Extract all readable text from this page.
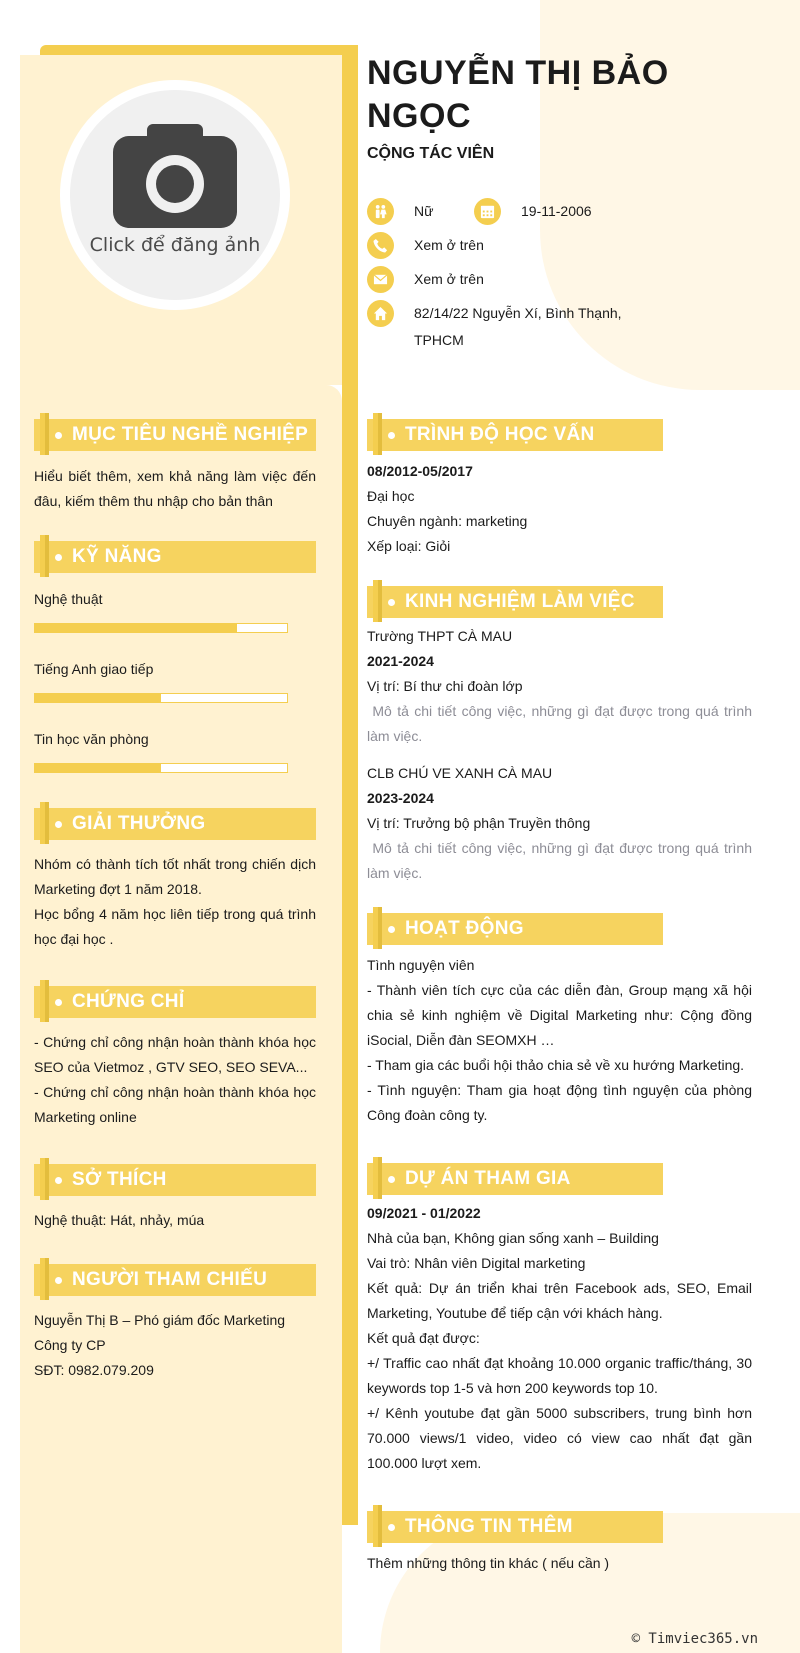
Click để đăng ảnh
NGUYỄN THỊ BẢO NGỌC

CỘNG TÁC VIÊN

Nữ	19-11-2006
Xem ở trên
Xem ở trên
82/14/22 Nguyễn Xí, Bình Thạnh, TPHCM
MỤC TIÊU NGHỀ NGHIỆP

Hiểu biết thêm, xem khả năng làm việc đến đâu, kiếm thêm thu nhập cho bản thân

KỸ NĂNG

Nghệ thuật

Tiếng Anh giao tiếp

Tin học văn phòng

GIẢI THƯỞNG

Nhóm có thành tích tốt nhất trong chiến dịch Marketing đợt 1 năm 2018.

Học bổng 4 năm học liên tiếp trong quá trình học đại học .

CHỨNG CHỈ

- Chứng chỉ công nhận hoàn thành khóa học SEO của Vietmoz , GTV SEO, SEO SEVA...

- Chứng chỉ công nhận hoàn thành khóa học Marketing online

SỞ THÍCH

Nghệ thuật: Hát, nhảy, múa

NGƯỜI THAM CHIẾU

Nguyễn Thị B – Phó giám đốc Marketing

Công ty CP

SĐT: 0982.079.209

TRÌNH ĐỘ HỌC VẤN

08/2012-05/2017

Đại học

Chuyên ngành: marketing

Xếp loại: Giỏi

KINH NGHIỆM LÀM VIỆC

Trường THPT CÀ MAU

2021-2024

Vị trí: Bí thư chi đoàn lớp

Mô tả chi tiết công việc, những gì đạt được trong quá trình làm việc.

CLB CHÚ VE XANH CÀ MAU

2023-2024

Vị trí: Trưởng bộ phận Truyền thông

Mô tả chi tiết công việc, những gì đạt được trong quá trình làm việc.

HOẠT ĐỘNG

Tình nguyện viên

- Thành viên tích cực của các diễn đàn, Group mạng xã hội chia sẻ kinh nghiệm về Digital Marketing như: Cộng đồng iSocial, Diễn đàn SEOMXH …

- Tham gia các buổi hội thảo chia sẻ về xu hướng Marketing.

- Tình nguyện: Tham gia hoạt động tình nguyện của phòng Công đoàn công ty.

DỰ ÁN THAM GIA

09/2021 - 01/2022

Nhà của bạn, Không gian sống xanh – Building

Vai trò: Nhân viên Digital marketing

Kết quả: Dự án triển khai trên Facebook ads, SEO, Email Marketing, Youtube để tiếp cận với khách hàng.

Kết quả đạt được:

+/ Traffic cao nhất đạt khoảng 10.000 organic traffic/tháng, 30 keywords top 1-5 và hơn 200 keywords top 10.

+/ Kênh youtube đạt gần 5000 subscribers, trung bình hơn 70.000 views/1 video, video có view cao nhất đạt gần 100.000 lượt xem.

THÔNG TIN THÊM

Thêm những thông tin khác ( nếu cần )

© Timviec365.vn
